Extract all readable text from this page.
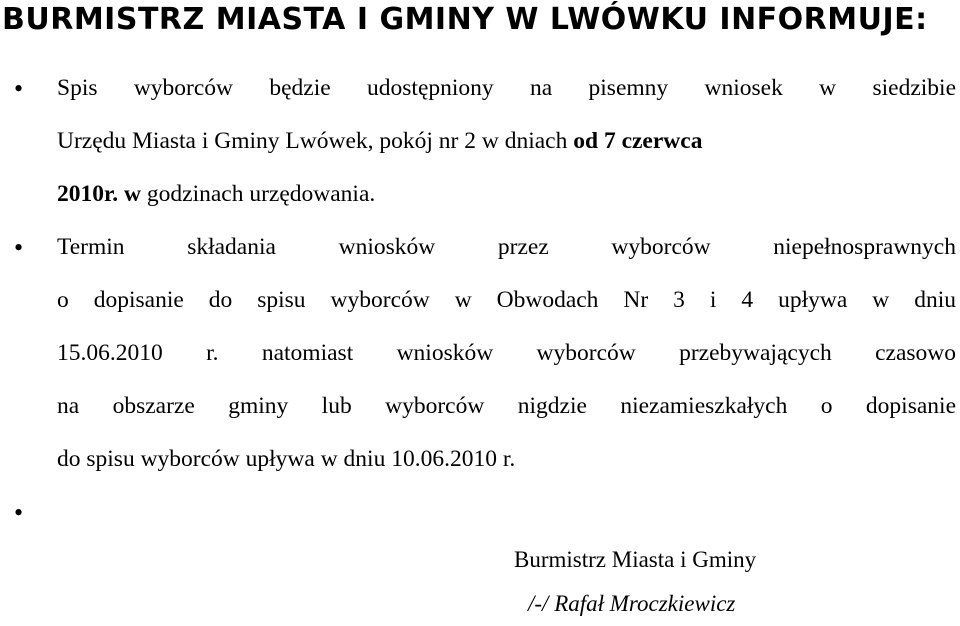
BURMISTRZ MIASTA I GMINY W LWÓWKU INFORMUJE:
• Spis wyborców będzie udostępniony na pisemny wniosek w siedzibie
Urzędu Miasta i Gminy Lwówek, pokój nr 2 w dniach od 7 czerwca
2010r. w godzinach urzędowania.
• Termin składania wniosków przez wyborców niepełnosprawnych
o dopisanie do spisu wyborców w Obwodach Nr 3 i 4 upływa w dniu
15.06.2010 r. natomiast wniosków wyborców przebywających czasowo
na obszarze gminy lub wyborców nigdzie niezamieszkałych o dopisanie
do spisu wyborców upływa w dniu 10.06.2010 r.
•
Burmistrz Miasta i Gminy
/-/ Rafał Mroczkiewicz
